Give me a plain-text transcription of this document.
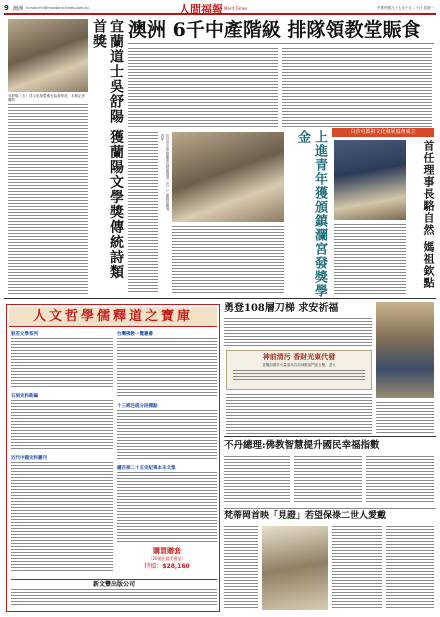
9 澳洲 e-mail:mh@mandarin.times.com.au	人間福報 Merit Times	中華民國九十七年十月二十日 星期一
吳舒陽（右）得文化獎暨佛光協會獎項，本報記者攝影	宜蘭道士吳舒陽 獲蘭陽文學獎傳統詩類首獎	澳洲 6千中產階級 排隊領教堂賑食
長沙宮小學校董事長獎頒發者（右二）頒獎給優秀青年	上進青年獲頒鎮瀾宮發獎學金	白沙屯媽祖文化發展協會成立
首任理事長駱自然 媽祖欽點
人文哲學儒釋道之寶庫
般若文學系列
石刻史料新編
近代中國史料叢刊
台灣佛教一覽叢書
十三經注疏分段標點
續百部二十五史紀事本末文集
購買贈套
（20冊化精美禮品）
特價：$28,160
新文豐出版公司
勇登108層刀梯 求安祈福
神前清污 香財光東代發
香爐前燒多大量蒸馬各前神殿前門前五壓，香火
不丹總理:佛教智慧提升國民幸福指數
梵蒂岡首映「見證」若望保祿二世人愛戴
